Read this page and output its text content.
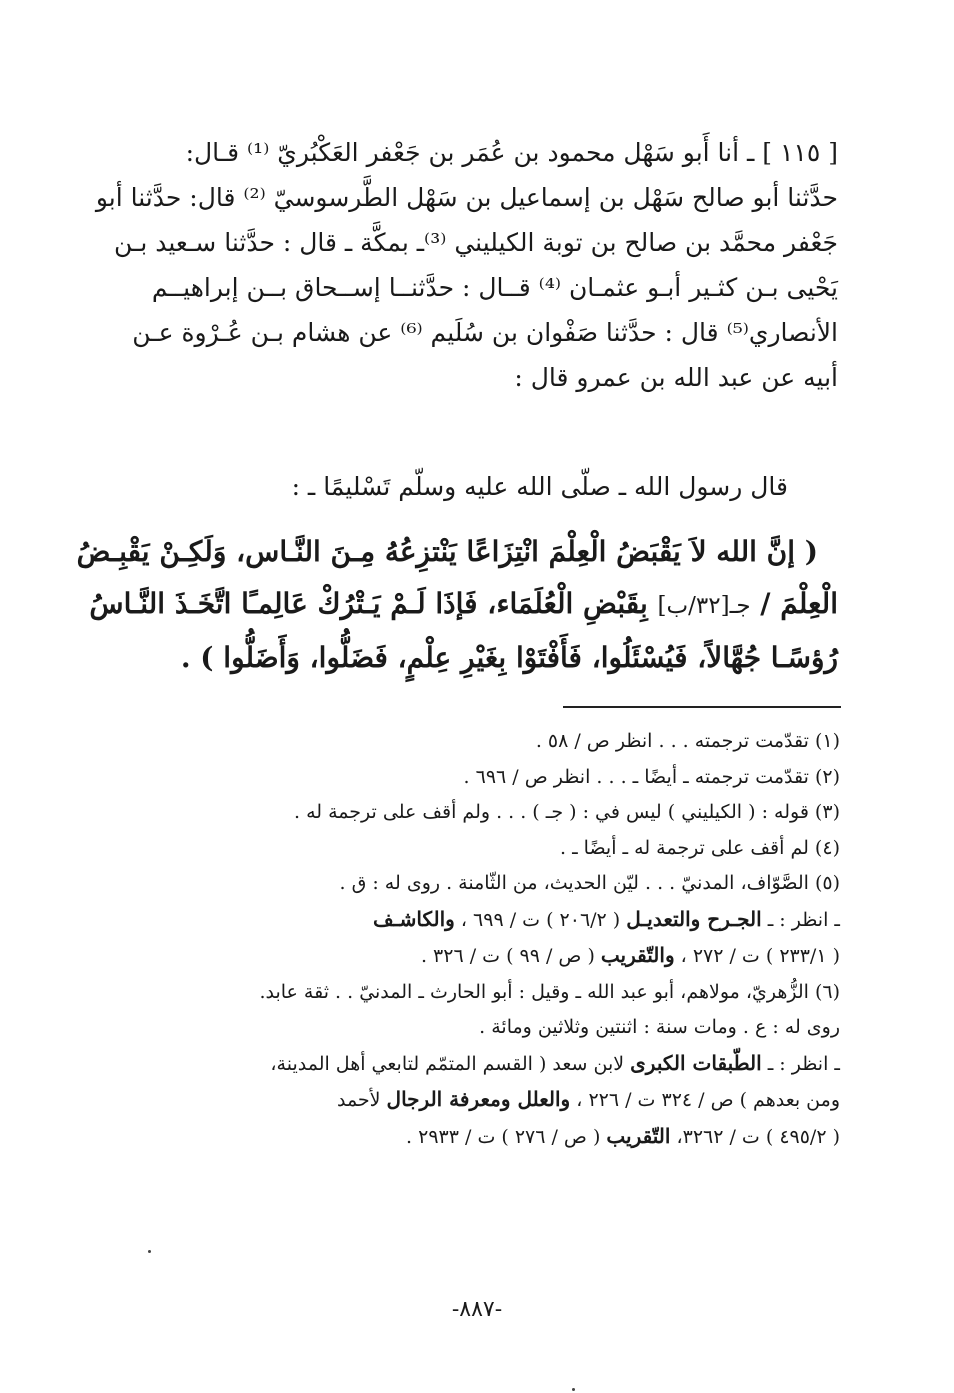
[ ١١٥ ] ـ أنا أَبو سَهْل محمود بن عُمَر بن جَعْفر العَكْبُريّ ⁽¹⁾ قـال:
حدَّثنا أبو صالح سَهْل بن إسماعيل بن سَهْل الطَّرسوسيّ ⁽²⁾ قال: حدَّثنا أبو
جَعْفر محمَّد بن صالح بن توبة الكيليني ⁽³⁾ـ بمكَّة ـ قال : حدَّثنا سـعيد بـن
يَحْيى بـن كثـير أبـو عثمـان ⁽⁴⁾ قــال : حدَّثنــا إســحاق بــن إبراهيــم
الأنصاري⁽⁵⁾ قال : حدَّثنا صَفْوان بن سُلَيم ⁽⁶⁾ عن هشام بـن عُـرْوة عـن
أبيه عن عبد الله بن عمرو قال :
قال رسول الله ـ صلّى الله عليه وسلّم تَسْليمًا ـ :
( إنَّ الله لاَ يَقْبَضُ الْعِلْمَ انْتِزَاعًا يَنْتزِعُهُ مِـنَ النَّـاس، وَلَكِـنْ يَقْبِـضُ
الْعِلْمَ / جـ[٣٢/ب] بِقَبْضِ الْعُلَمَاء، فَإذَا لَـمْ يَـتْرُكْ عَالِمـًا اتَّخَـذَ النَّـاسُ
رُؤسًـا جُهَّالاً، فَيُسْئَلُوا، فَأَفْتَوْا بِغَيْرِ عِلْمٍ، فَضَلُّوا، وَأَضَلُّوا ) .
(١) تقدّمت ترجمته . . . انظر ص / ٥٨ .
(٢) تقدّمت ترجمته ـ أيضًا ـ . . . انظر ص / ٦٩٦ .
(٣) قوله : ( الكيليني ) ليس في : ( جـ ) . . . ولم أقف على ترجمة له .
(٤) لم أقف على ترجمة له ـ أيضًا ـ .
(٥) الصَّوّاف، المدنيّ . . . ليّن الحديث، من الثّامنة . روى له : ق .
ـ انظر : ـ الجـرح والتعديـل ( ٢٠٦/٢ ) ت / ٦٩٩ ، والكاشـف
( ٢٣٣/١ ) ت / ٢٧٢ ، والتّقريب ( ص / ٩٩ ) ت / ٣٢٦ .
(٦) الزُّهريّ، مولاهم، أبو عبد الله ـ وقيل : أبو الحارث ـ المدنيّ . . ثقة عابد.
روى له : ع . ومات سنة : اثنتين وثلاثين ومائة .
ـ انظر : ـ الطّبقات الكبرى لابن سعد ( القسم المتمّم لتابعي أهل المدينة،
ومن بعدهم ) ص / ٣٢٤ ت / ٢٢٦ ، والعلل ومعرفة الرجال لأحمد
( ٤٩٥/٢ ) ت / ٣٢٦٢، التّقريب ( ص / ٢٧٦ ) ت / ٢٩٣٣ .
-٨٨٧-
